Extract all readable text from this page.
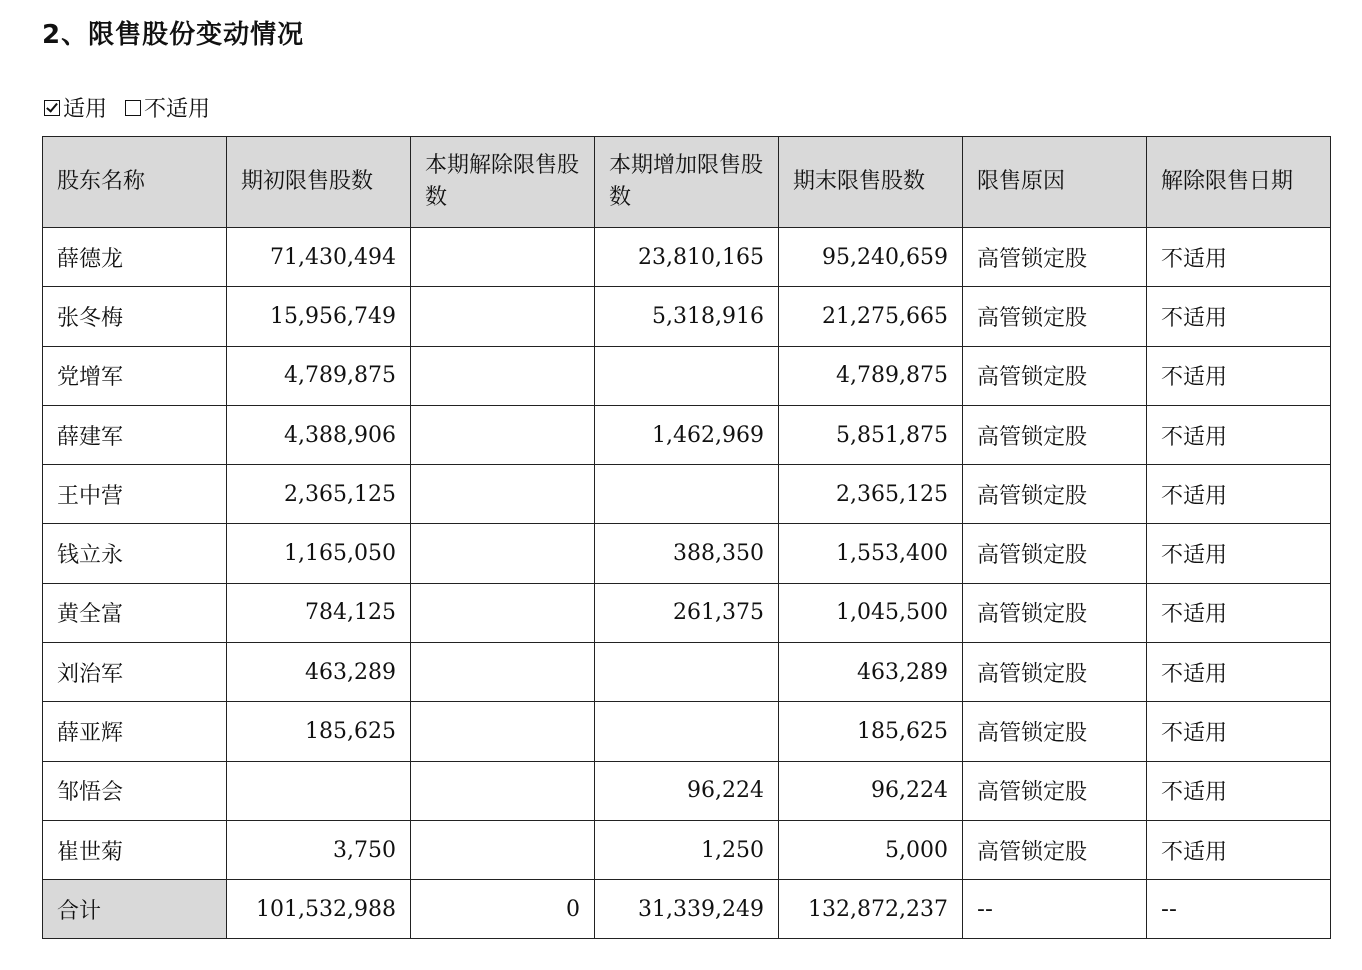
2、限售股份变动情况
适用 不适用
股东名称	期初限售股数	本期解除限售股数	本期增加限售股数	期末限售股数	限售原因	解除限售日期
薛德龙	71,430,494		23,810,165	95,240,659	高管锁定股	不适用
张冬梅	15,956,749		5,318,916	21,275,665	高管锁定股	不适用
党增军	4,789,875			4,789,875	高管锁定股	不适用
薛建军	4,388,906		1,462,969	5,851,875	高管锁定股	不适用
王中营	2,365,125			2,365,125	高管锁定股	不适用
钱立永	1,165,050		388,350	1,553,400	高管锁定股	不适用
黄全富	784,125		261,375	1,045,500	高管锁定股	不适用
刘治军	463,289			463,289	高管锁定股	不适用
薛亚辉	185,625			185,625	高管锁定股	不适用
邹悟会			96,224	96,224	高管锁定股	不适用
崔世菊	3,750		1,250	5,000	高管锁定股	不适用
合计	101,532,988	0	31,339,249	132,872,237	--	--
